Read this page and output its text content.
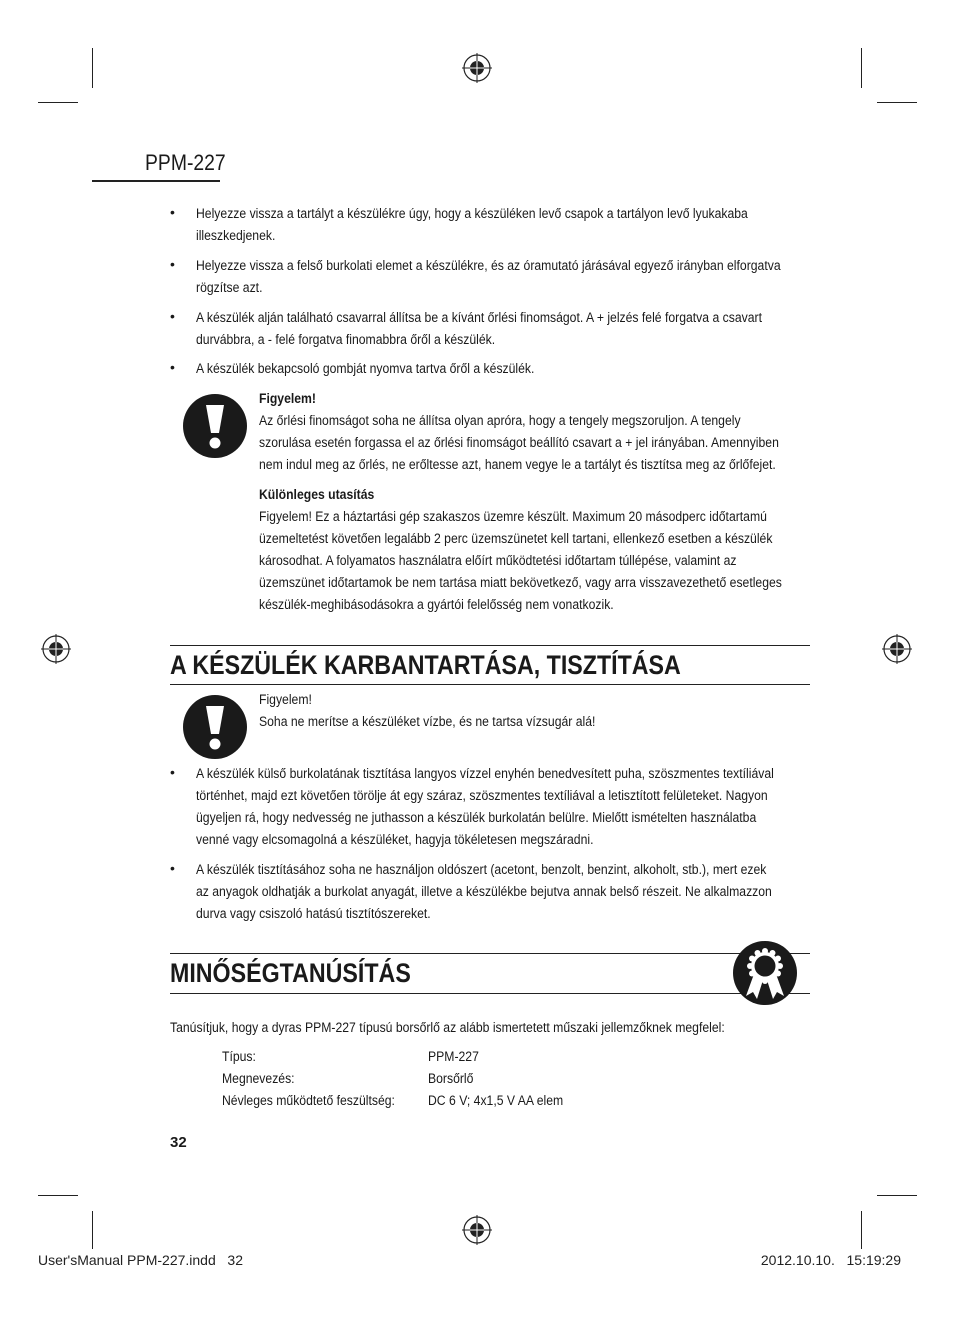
PPM-227
• Helyezze vissza a tartályt a készülékre úgy, hogy a készüléken levő csapok a tartályon levő lyukakaba
illeszkedjenek.
• Helyezze vissza a felső burkolati elemet a készülékre, és az óramutató járásával egyező irányban elforgatva
rögzítse azt.
• A készülék alján található csavarral állítsa be a kívánt őrlési finomságot. A + jelzés felé forgatva a csavart
durvábbra, a - felé forgatva finomabbra őről a készülék.
• A készülék bekapcsoló gombját nyomva tartva őről a készülék.
Figyelem!
Az őrlési finomságot soha ne állítsa olyan apróra, hogy a tengely megszoruljon. A tengely
szorulása esetén forgassa el az őrlési finomságot beállító csavart a + jel irányában. Amennyiben
nem indul meg az őrlés, ne erőltesse azt, hanem vegye le a tartályt és tisztítsa meg az őrlőfejet.
Különleges utasítás
Figyelem! Ez a háztartási gép szakaszos üzemre készült. Maximum 20 másodperc időtartamú
üzemeltetést követően legalább 2 perc üzemszünetet kell tartani, ellenkező esetben a készülék
károsodhat. A folyamatos használatra előírt működtetési időtartam túllépése, valamint az
üzemszünet időtartamok be nem tartása miatt bekövetkező, vagy arra visszavezethető esetleges
készülék-meghibásodásokra a gyártói felelősség nem vonatkozik.
A KÉSZÜLÉK KARBANTARTÁSA, TISZTÍTÁSA
Figyelem!
Soha ne merítse a készüléket vízbe, és ne tartsa vízsugár alá!
• A készülék külső burkolatának tisztítása langyos vízzel enyhén benedvesített puha, szöszmentes textíliával
történhet, majd ezt követően törölje át egy száraz, szöszmentes textíliával a letisztított felületeket. Nagyon
ügyeljen rá, hogy nedvesség ne juthasson a készülék burkolatán belülre. Mielőtt ismételten használatba
venné vagy elcsomagolná a készüléket, hagyja tökéletesen megszáradni.
• A készülék tisztításához soha ne használjon oldószert (acetont, benzolt, benzint, alkoholt, stb.), mert ezek
az anyagok oldhatják a burkolat anyagát, illetve a készülékbe bejutva annak belső részeit. Ne alkalmazzon
durva vagy csiszoló hatású tisztítószereket.
MINŐSÉGTANÚSÍTÁS
Tanúsítjuk, hogy a dyras PPM-227 típusú borsőrlő az alább ismertetett műszaki jellemzőknek megfelel:
Típus:	PPM-227
Megnevezés:	Borsőrlő
Névleges működtető feszültség: DC 6 V; 4x1,5 V AA elem
32
User'sManual PPM-227.indd   32	2012.10.10.   15:19:29
